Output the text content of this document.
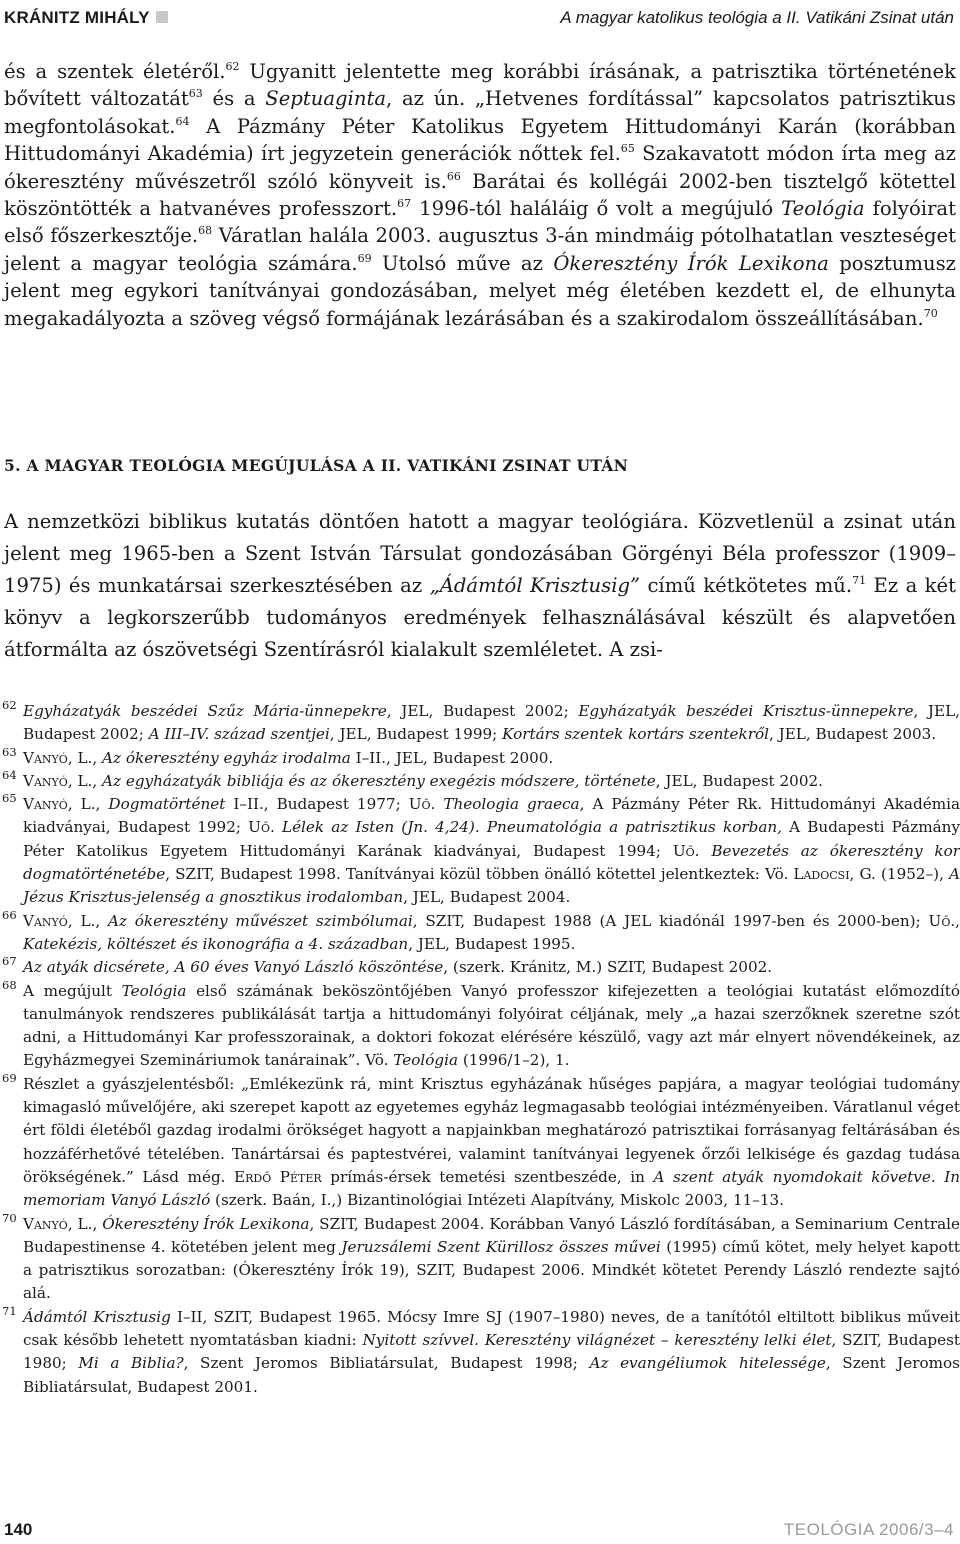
KRÁNITZ MIHÁLY	A magyar katolikus teológia a II. Vatikáni Zsinat után

és a szentek életéről.$^{62}$ Ugyanitt jelentette meg korábbi írásának, a patrisztika történetének bővített változatát$^{63}$ és a Septuaginta, az ún. „Hetvenes fordítással” kapcsolatos patrisztikus megfontolásokat.$^{64}$ A Pázmány Péter Katolikus Egyetem Hittudományi Karán (korábban Hittudományi Akadémia) írt jegyzetein generációk nőttek fel.$^{65}$ Szakavatott módon írta meg az ókeresztény művészetről szóló könyveit is.$^{66}$ Barátai és kollégái 2002-ben tisztelgő kötettel köszöntötték a hatvanéves professzort.$^{67}$ 1996-tól haláláig ő volt a megújuló Teológia folyóirat első főszerkesztője.$^{68}$ Váratlan halála 2003. augusztus 3-án mindmáig pótolhatatlan veszteséget jelent a magyar teológia számára.$^{69}$ Utolsó műve az Ókeresztény Írók Lexikona posztumusz jelent meg egykori tanítványai gondozásában, melyet még életében kezdett el, de elhunyta megakadályozta a szöveg végső formájának lezárásában és a szakirodalom összeállításában.$^{70}$

5. A MAGYAR TEOLÓGIA MEGÚJULÁSA A II. VATIKÁNI ZSINAT UTÁN
A nemzetközi biblikus kutatás döntően hatott a magyar teológiára. Közvetlenül a zsinat után jelent meg 1965-ben a Szent István Társulat gondozásában Görgényi Béla professzor (1909–1975) és munkatársai szerkesztésében az „Ádámtól Krisztusig” című kétkötetes mű.$^{71}$ Ez a két könyv a legkorszerűbb tudományos eredmények felhasználásával készült és alapvetően átformálta az ószövetségi Szentírásról kialakult szemléletet. A zsi-
62 Egyházatyák beszédei Szűz Mária-ünnepekre, JEL, Budapest 2002; Egyházatyák beszédei Krisztus-ünnepekre, JEL, Budapest 2002; A III–IV. század szentjei, JEL, Budapest 1999; Kortárs szentek kortárs szentekről, JEL, Budapest 2003.
63 Vanyó, L., Az ókeresztény egyház irodalma I–II., JEL, Budapest 2000.
64 Vanyó, L., Az egyházatyák bibliája és az ókeresztény exegézis módszere, története, JEL, Budapest 2002.
65 Vanyó, L., Dogmatörténet I–II., Budapest 1977; Uő. Theologia graeca, A Pázmány Péter Rk. Hittudományi Akadémia kiadványai, Budapest 1992; Uő. Lélek az Isten (Jn. 4,24). Pneumatológia a patrisztikus korban, A Budapesti Pázmány Péter Katolikus Egyetem Hittudományi Karának kiadványai, Budapest 1994; Uő. Bevezetés az ókeresztény kor dogmatörténetébe, SZIT, Budapest 1998. Tanítványai közül többen önálló kötettel jelentkeztek: Vö. Ladocsi, G. (1952–), A Jézus Krisztus-jelenség a gnosztikus irodalomban, JEL, Budapest 2004.
66 Vanyó, L., Az ókeresztény művészet szimbólumai, SZIT, Budapest 1988 (A JEL kiadónál 1997-ben és 2000-ben); Uő., Katekézis, költészet és ikonográfia a 4. században, JEL, Budapest 1995.
67 Az atyák dicsérete, A 60 éves Vanyó László köszöntése, (szerk. Kránitz, M.) SZIT, Budapest 2002.
68 A megújult Teológia első számának beköszöntőjében Vanyó professzor kifejezetten a teológiai kutatást előmozdító tanulmányok rendszeres publikálását tartja a hittudományi folyóirat céljának, mely „a hazai szerzőknek szeretne szót adni, a Hittudományi Kar professzorainak, a doktori fokozat elérésére készülő, vagy azt már elnyert növendékeinek, az Egyházmegyei Szemináriumok tanárainak”. Vö. Teológia (1996/1–2), 1.
69 Részlet a gyászjelentésből: „Emlékezünk rá, mint Krisztus egyházának hűséges papjára, a magyar teológiai tudomány kimagasló művelőjére, aki szerepet kapott az egyetemes egyház legmagasabb teológiai intézményeiben. Váratlanul véget ért földi életéből gazdag irodalmi örökséget hagyott a napjainkban meghatározó patrisztikai forrásanyag feltárásában és hozzáférhetővé tételében. Tanártársai és paptestvérei, valamint tanítványai legyenek őrzői lelkisége és gazdag tudása örökségének.” Lásd még. Erdő Péter prímás-érsek temetési szentbeszéde, in A szent atyák nyomdokait követve. In memoriam Vanyó László (szerk. Baán, I.,) Bizantinológiai Intézeti Alapítvány, Miskolc 2003, 11–13.
70 Vanyó, L., Ókeresztény Írók Lexikona, SZIT, Budapest 2004. Korábban Vanyó László fordításában, a Seminarium Centrale Budapestinense 4. kötetében jelent meg Jeruzsálemi Szent Kürillosz összes művei (1995) című kötet, mely helyet kapott a patrisztikus sorozatban: (Ókeresztény Írók 19), SZIT, Budapest 2006. Mindkét kötetet Perendy László rendezte sajtó alá.
71 Ádámtól Krisztusig I–II, SZIT, Budapest 1965. Mócsy Imre SJ (1907–1980) neves, de a tanítótól eltiltott biblikus műveit csak később lehetett nyomtatásban kiadni: Nyitott szívvel. Keresztény világnézet – keresztény lelki élet, SZIT, Budapest 1980; Mi a Biblia?, Szent Jeromos Bibliatársulat, Budapest 1998; Az evangéliumok hitelessége, Szent Jeromos Bibliatársulat, Budapest 2001.
140	TEOLÓGIA 2006/3–4
